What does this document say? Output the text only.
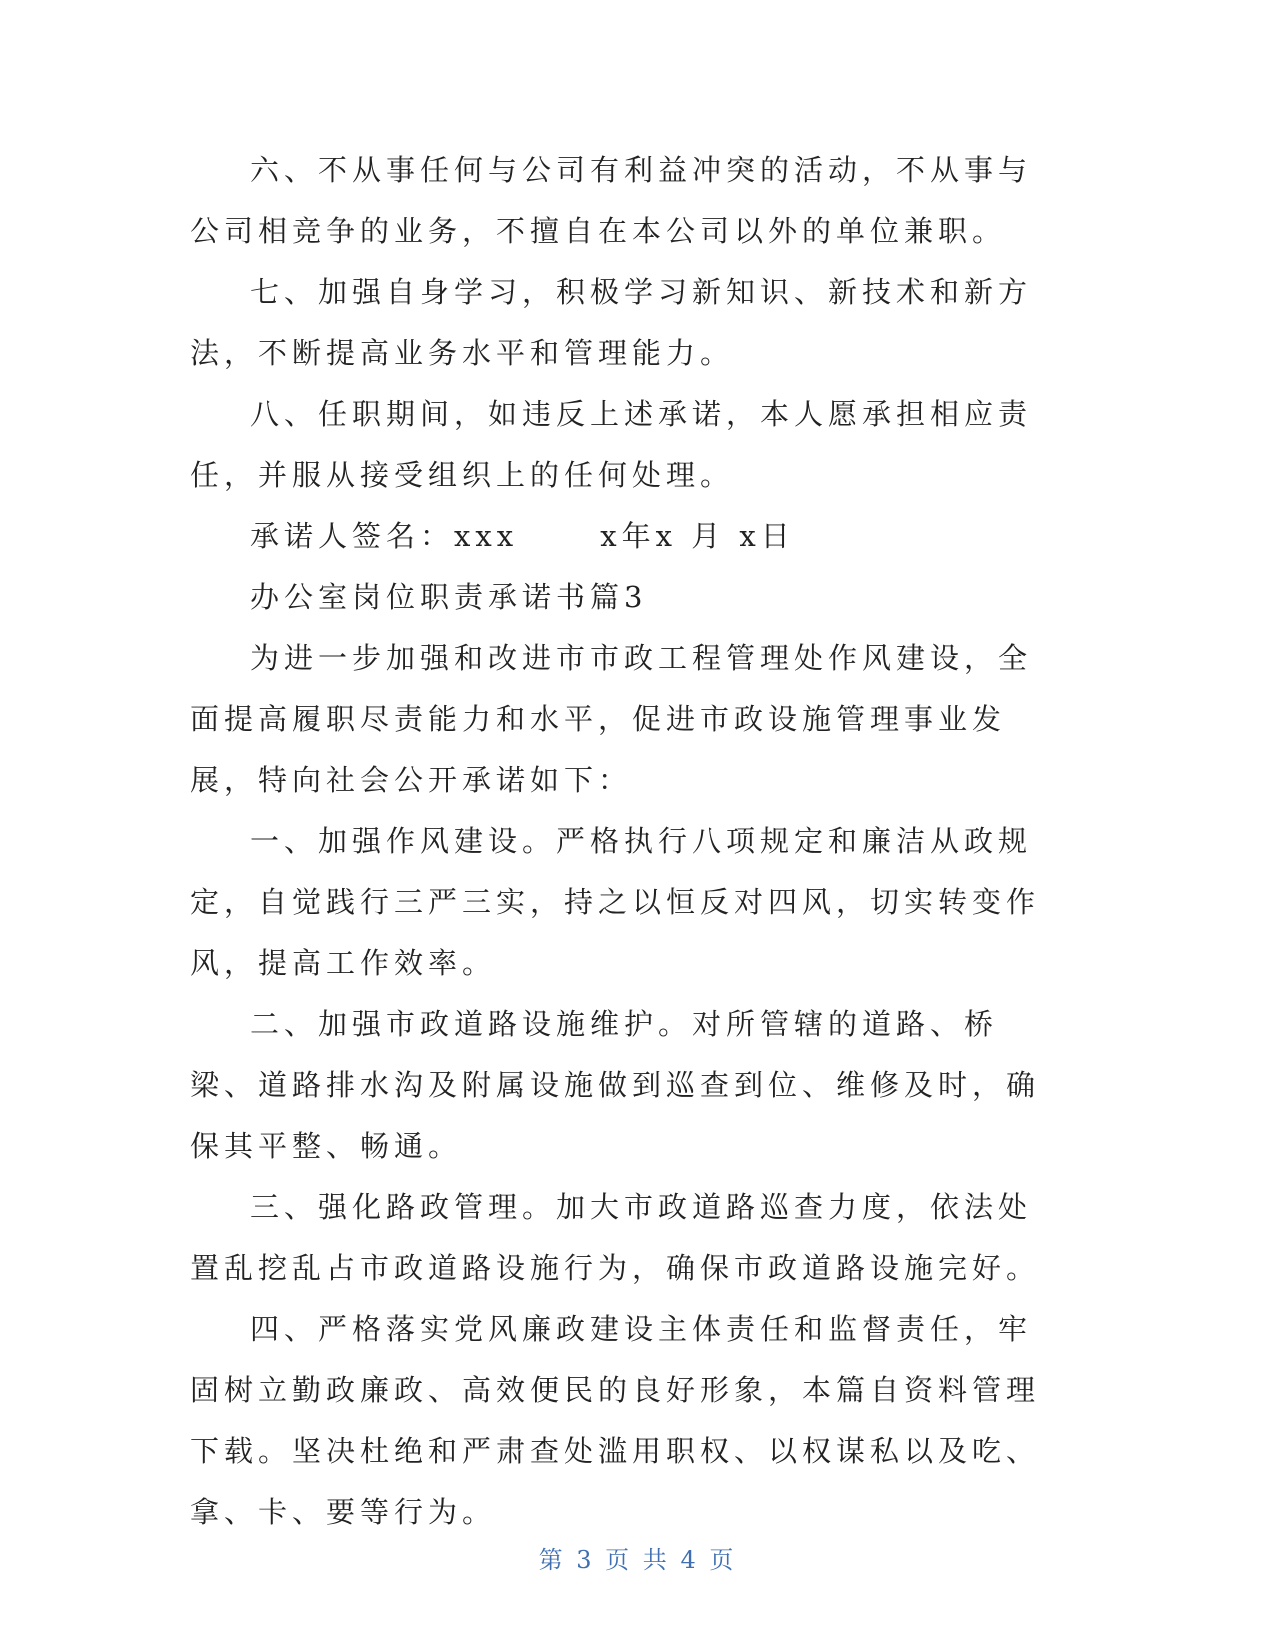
六、不从事任何与公司有利益冲突的活动，不从事与公司相竞争的业务，不擅自在本公司以外的单位兼职。

七、加强自身学习，积极学习新知识、新技术和新方法，不断提高业务水平和管理能力。

八、任职期间，如违反上述承诺，本人愿承担相应责任，并服从接受组织上的任何处理。

承诺人签名：xxx　　 x年x 月 x日

办公室岗位职责承诺书篇3

为进一步加强和改进市市政工程管理处作风建设，全面提高履职尽责能力和水平，促进市政设施管理事业发展，特向社会公开承诺如下：

一、加强作风建设。严格执行八项规定和廉洁从政规定，自觉践行三严三实，持之以恒反对四风，切实转变作风，提高工作效率。

二、加强市政道路设施维护。对所管辖的道路、桥梁、道路排水沟及附属设施做到巡查到位、维修及时，确保其平整、畅通。

三、强化路政管理。加大市政道路巡查力度，依法处置乱挖乱占市政道路设施行为，确保市政道路设施完好。

四、严格落实党风廉政建设主体责任和监督责任，牢固树立勤政廉政、高效便民的良好形象，本篇自资料管理下载。坚决杜绝和严肃查处滥用职权、以权谋私以及吃、拿、卡、要等行为。

第 3 页 共 4 页
